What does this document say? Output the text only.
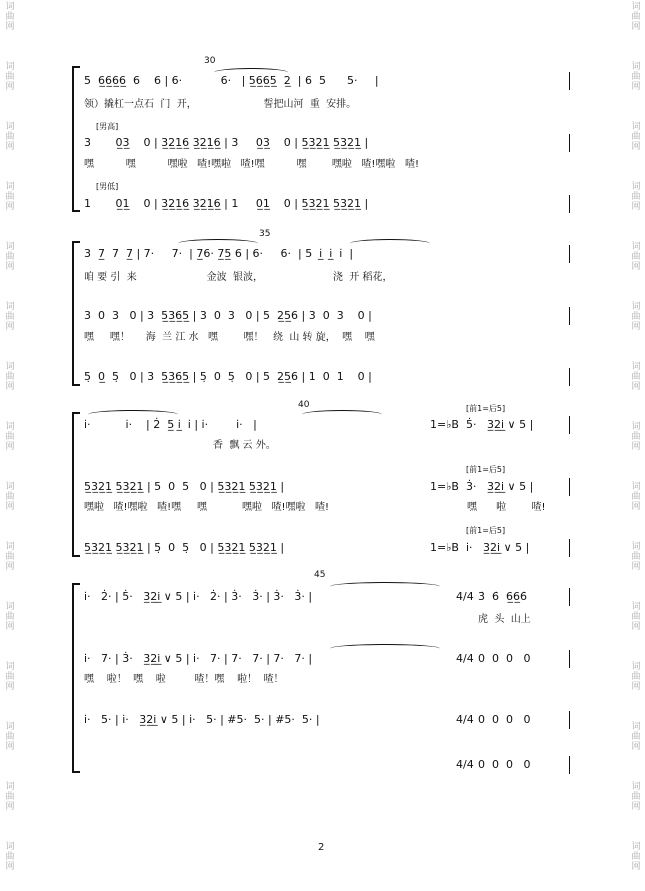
30
5  6̲6̲6̲6̲  6    6 | 6·           6·   | 5̲6̲6̲5̲  2̲  | 6  5      5·     |
领）撬杠一点石  门  开，                     誓把山河  重  安排。
[男高]
3       0̲3̲    0 | 3̲2̲1̲6̲ 3̲2̲1̲6̲ | 3     0̲3̲    0 | 5̲3̲2̲1̲ 5̲3̲2̲1̲ |
嘿          嘿          嘿啦   喳!嘿啦   喳!嘿          嘿        嘿啦   喳!嘿啦   喳!
[男低]
1       0̲1̲    0 | 3̲2̲1̲6̲ 3̲2̲1̲6̲ | 1     0̲1̲    0 | 5̲3̲2̲1̲ 5̲3̲2̲1̲ |
35
3  7̲  7  7̲ | 7·     7·  | 7̲6· 7̲5̲ 6 | 6·     6·  | 5  i̲̇  i̲̇  i̇  |
咱 要 引  来                      金波  银波，                      浇  开 稻花，
3  0  3   0 | 3  5̲3̲6̲5̲ | 3  0  3   0 | 5  2̲5̲6 | 3  0  3    0 |
嘿     嘿！     海  兰 江 水   嘿        嘿！   绕  山 转 旋，  嘿    嘿
5̣  0̲  5̣   0 | 3  5̲3̲6̲5̲ | 5̣  0  5̣   0 | 5  2̲5̲6 | 1  0  1    0 |
40
i̇·          i̇·    | 2̇  5̲ i̲̇  i̇ | i̇·        i̇·   |
香  飘 云 外。
5̲3̲2̲1̲ 5̲3̲2̲1̲ | 5  0  5   0 | 5̲3̲2̲1̲ 5̲3̲2̲1̲ |
嘿啦   喳!嘿啦   喳!嘿     嘿           嘿啦   喳!嘿啦   喳!
5̲3̲2̲1̲ 5̲3̲2̲1̲ | 5̣  0  5̣   0 | 5̲3̲2̲1̲ 5̲3̲2̲1̲ |
[前1=后5]
1=♭B 5̇·   3̲2̲i̲ ∨ 5 |
[前1=后5]
1=♭B 3̇·   3̲2̲i̲ ∨ 5 |
嘿      啦        喳!
[前1=后5]
1=♭B i̇·   3̲2̲i̲ ∨ 5 |
45
i̇·   2̇· | 5̇·   3̲2̲i̲ ∨ 5 | i̇·   2̇· | 3̇·   3̇· | 3̇·   3̇· |	4/4 3̇  6̇  6̲6̲6̇
虎  头  山上
i̇·   7· | 3̇·   3̲2̲i̲ ∨ 5 | i̇·   7· | 7·   7· | 7·   7· |	4/4 0  0  0   0
嘿    啦！  嘿    啦         喳！嘿    啦！  喳！
i̇·   5· | i̇·   3̲2̲i̲ ∨ 5 | i̇·   5· | #5·  5· | #5·  5· |	4/4 0  0  0   0
4/4 0  0  0   0
2
词
曲
网
词
曲
网
词
曲
网
词
曲
网
词
曲
网
词
曲
网
词
曲
网
词
曲
网
词
曲
网
词
曲
网
词
曲
网
词
曲
网
词
曲
网
词
曲
网
词
曲
网
词
曲
网
词
曲
网
词
曲
网
词
曲
网
词
曲
网
词
曲
网
词
曲
网
词
曲
网
词
曲
网
词
曲
网
词
曲
网
词
曲
网
词
曲
网
词
曲
网
词
曲
网
